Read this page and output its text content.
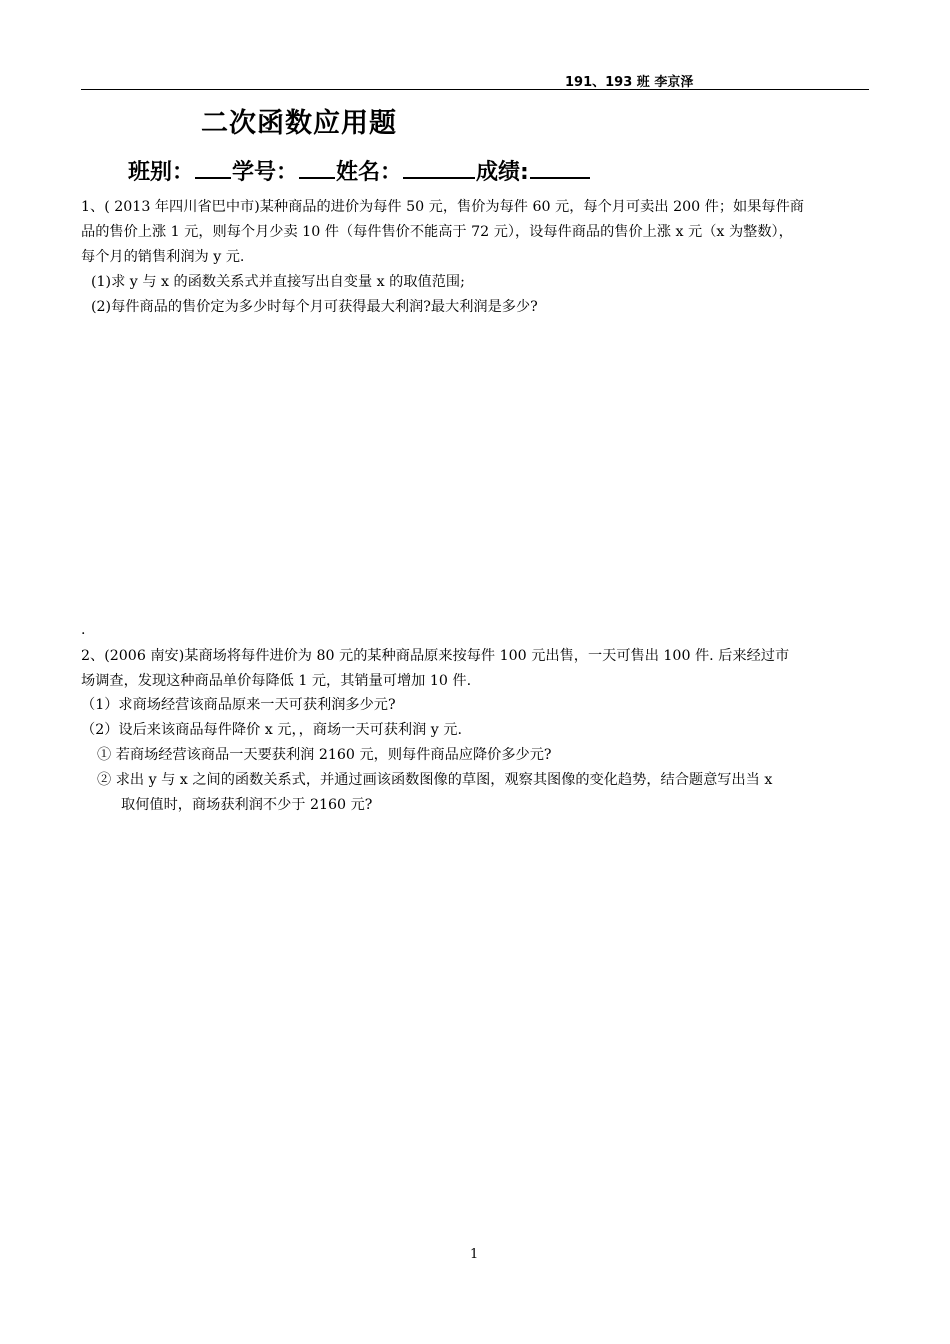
191、193 班 李京泽
二次函数应用题
班别： 学号： 姓名：	成绩:
1、( 2013 年四川省巴中市)某种商品的进价为每件 50 元，售价为每件 60 元，每个月可卖出 200 件；如果每件商
品的售价上涨 1 元，则每个月少卖 10 件（每件售价不能高于 72 元），设每件商品的售价上涨 x 元（x 为整数），
每个月的销售利润为 y 元.
(1)求 y 与 x 的函数关系式并直接写出自变量 x 的取值范围;
(2)每件商品的售价定为多少时每个月可获得最大利润?最大利润是多少?
.
2、(2006 南安)某商场将每件进价为 80 元的某种商品原来按每件 100 元出售，一天可售出 100 件. 后来经过市
场调查，发现这种商品单价每降低 1 元，其销量可增加 10 件.
（1）求商场经营该商品原来一天可获利润多少元?
（2）设后来该商品每件降价 x 元，，商场一天可获利润 y 元.
① 若商场经营该商品一天要获利润 2160 元，则每件商品应降价多少元?
② 求出 y 与 x 之间的函数关系式，并通过画该函数图像的草图，观察其图像的变化趋势，结合题意写出当 x
取何值时，商场获利润不少于 2160 元?
1
